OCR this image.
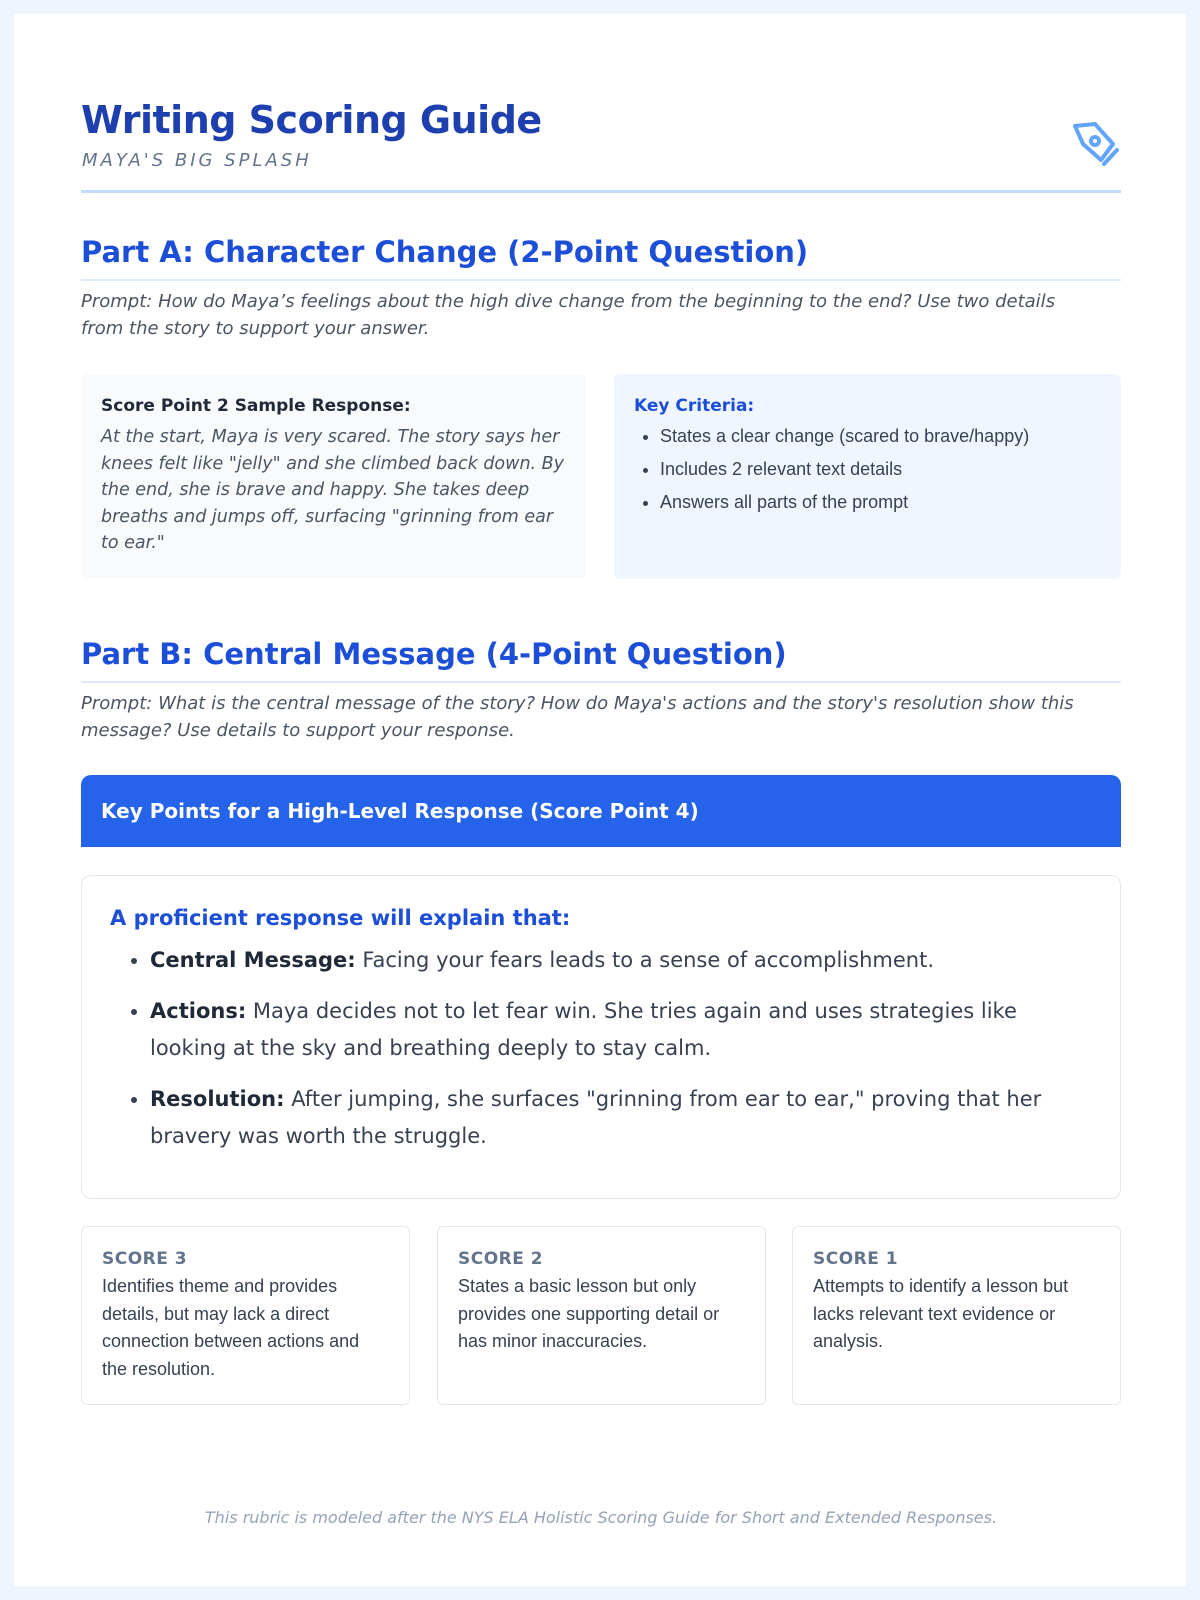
Writing Scoring Guide
MAYA'S BIG SPLASH
Part A: Character Change (2-Point Question)
Prompt: How do Maya’s feelings about the high dive change from the beginning to the end? Use two details from the story to support your answer.
Score Point 2 Sample Response:
At the start, Maya is very scared. The story says her knees felt like "jelly" and she climbed back down. By the end, she is brave and happy. She takes deep breaths and jumps off, surfacing "grinning from ear to ear."
Key Criteria:
• States a clear change (scared to brave/happy)
• Includes 2 relevant text details
• Answers all parts of the prompt
Part B: Central Message (4-Point Question)
Prompt: What is the central message of the story? How do Maya's actions and the story's resolution show this message? Use details to support your response.
Key Points for a High-Level Response (Score Point 4)
A proficient response will explain that:
• Central Message: Facing your fears leads to a sense of accomplishment.
• Actions: Maya decides not to let fear win. She tries again and uses strategies like looking at the sky and breathing deeply to stay calm.
• Resolution: After jumping, she surfaces "grinning from ear to ear," proving that her bravery was worth the struggle.
SCORE 3
Identifies theme and provides details, but may lack a direct connection between actions and the resolution.
SCORE 2
States a basic lesson but only provides one supporting detail or has minor inaccuracies.
SCORE 1
Attempts to identify a lesson but lacks relevant text evidence or analysis.
This rubric is modeled after the NYS ELA Holistic Scoring Guide for Short and Extended Responses.
